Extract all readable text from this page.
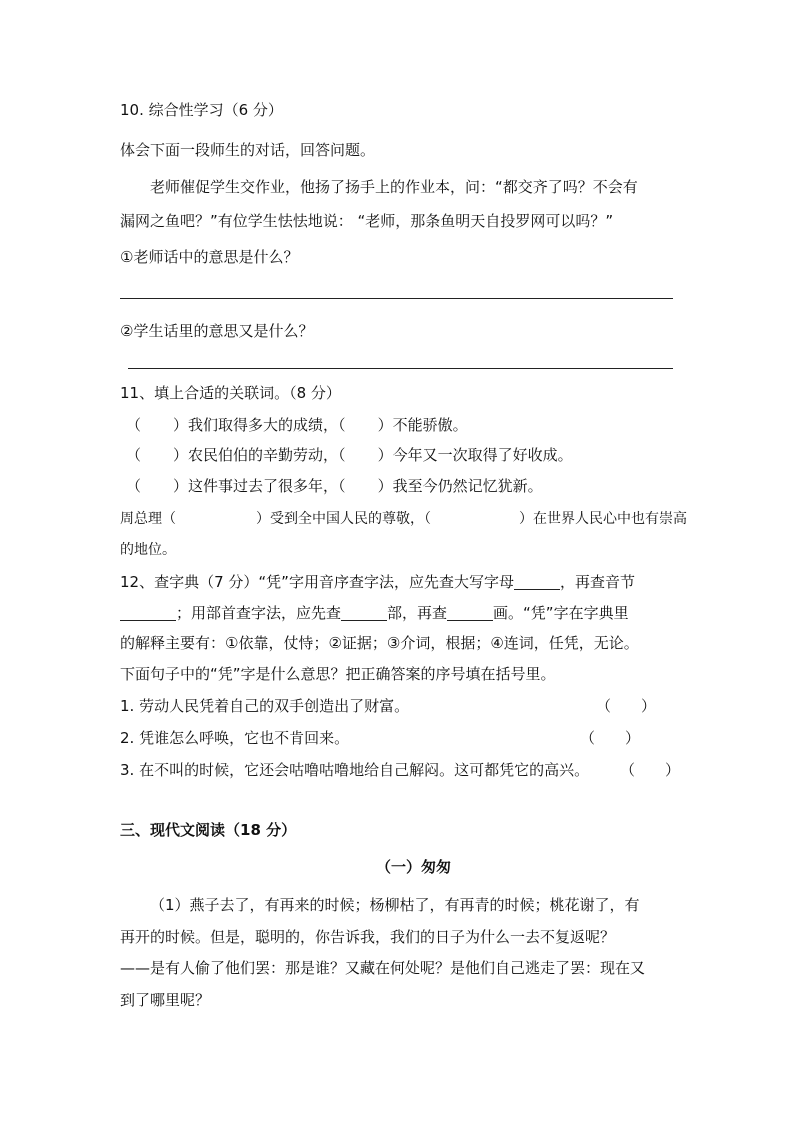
10. 综合性学习（6 分）
体会下面一段师生的对话，回答问题。
老师催促学生交作业，他扬了扬手上的作业本，问：“都交齐了吗？不会有
漏网之鱼吧？”有位学生怯怯地说： “老师，那条鱼明天自投罗网可以吗？”
①老师话中的意思是什么？
②学生话里的意思又是什么？
11、填上合适的关联词。（8 分）
（ ）我们取得多大的成绩，（ ）不能骄傲。
（ ）农民伯伯的辛勤劳动，（ ）今年又一次取得了好收成。
（ ）这件事过去了很多年，（ ）我至今仍然记忆犹新。
周总理（	）受到全中国人民的尊敬，（	）在世界人民心中也有崇高
的地位。
12、查字典（7 分）“凭”字用音序查字法，应先查大写字母	，再查音节
；用部首查字法，应先查	部，再查	画。“凭”字在字典里
的解释主要有：①依靠，仗恃；②证据；③介词，根据；④连词，任凭，无论。
下面句子中的“凭”字是什么意思？把正确答案的序号填在括号里。
1. 劳动人民凭着自己的双手创造出了财富。	（　　）
2. 凭谁怎么呼唤，它也不肯回来。	（　　）
3. 在不叫的时候，它还会咕噜咕噜地给自己解闷。这可都凭它的高兴。 （　　）
三、现代文阅读（18 分）
（一）匆匆
（1）燕子去了，有再来的时候；杨柳枯了，有再青的时候；桃花谢了，有
再开的时候。但是，聪明的，你告诉我，我们的日子为什么一去不复返呢？
——是有人偷了他们罢：那是谁？又藏在何处呢？是他们自己逃走了罢：现在又
到了哪里呢？
